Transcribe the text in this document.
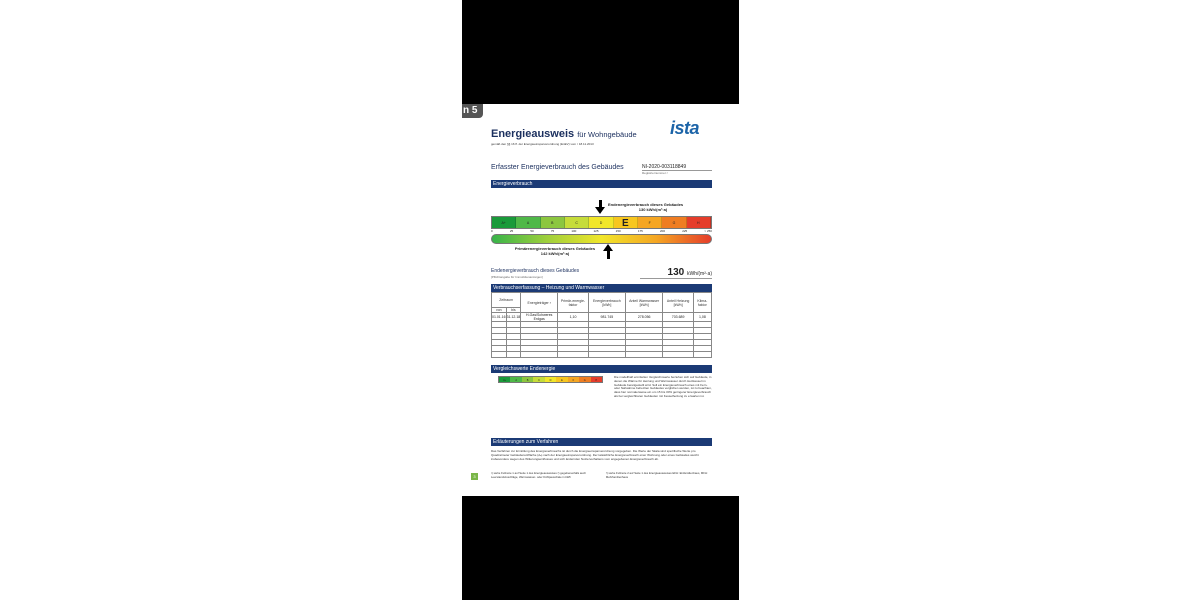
n 5
Energieausweis für Wohngebäude
gemäß den §§ 16 ff. der Energieeinsparverordnung (EnEV) vom ¹ 18.11.2013
ista
Erfasster Energieverbrauch des Gebäudes	NI-2020-003118849
Registriernummer ²
Energieverbrauch
Endenergieverbrauch dieses Gebäudes
130 kWh/(m²·a)
A+	A	B	C	D	E	F	G	H
0	25	50	75	100	125	150	175	200	225	> 250
Primärenergieverbrauch dieses Gebäudes
142 kWh/(m²·a)
Endenergieverbrauch dieses Gebäudes
[Pflichtangabe für Immobilienanzeigen]	130 kWh/(m²·a)
Verbrauchserfassung – Heizung und Warmwasser
Zeitraum		Energieträger ³	Primär-energie-faktor	Energieverbrauch [kWh]	Anteil Warmwasser [kWh]	Anteil Heizung [kWh]	Klima-faktor
von	bis						
01.01.16	31.12.18	H-Gas/Schweres Erdgas	1,10	981.745	278.056	703.689	1,08

Vergleichswerte Endenergie
A+	A	B	C	D	E	F	G	H
Die modellhaft ermittelten Vergleichswerte beziehen sich auf Gebäude, in denen die Wärme für Heizung und Warmwasser durch Heizkessel im Gebäude bereitgestellt wird. Soll ein Energieverbrauch eines mit Fern- oder Nahwärme beheizten Gebäudes verglichen werden, ist zu beachten, dass hier normalerweise ein um 15 bis 30% geringerer Energieverbrauch als bei vergleichbaren Gebäuden mit Kesselheizung zu erwarten ist.
Erläuterungen zum Verfahren
Das Verfahren zur Ermittlung des Energieverbrauchs ist durch die Energieeinsparverordnung vorgegeben. Die Werte der Skala sind spezifische Werte pro Quadratmeter Gebäudenutzfläche (Aₙ) nach der Energieeinsparverordnung. Der tatsächliche Energieverbrauch einer Wohnung oder eines Gebäudes weicht insbesondere wegen des Witterungseinflusses und sich ändernden Nutzerverhaltens vom angegebenen Energieverbrauch ab.
3
¹) siehe Fußnote 1 auf Seite 1 des Energieausweises ²) gegebenenfalls auch Leerstandszuschläge, Warmwasser- oder Kühlpauschale in kWh
³) siehe Fußnote 2 auf Seite 1 des Energieausweises EFH: Einfamilienhaus, MFH: Mehrfamilienhaus
